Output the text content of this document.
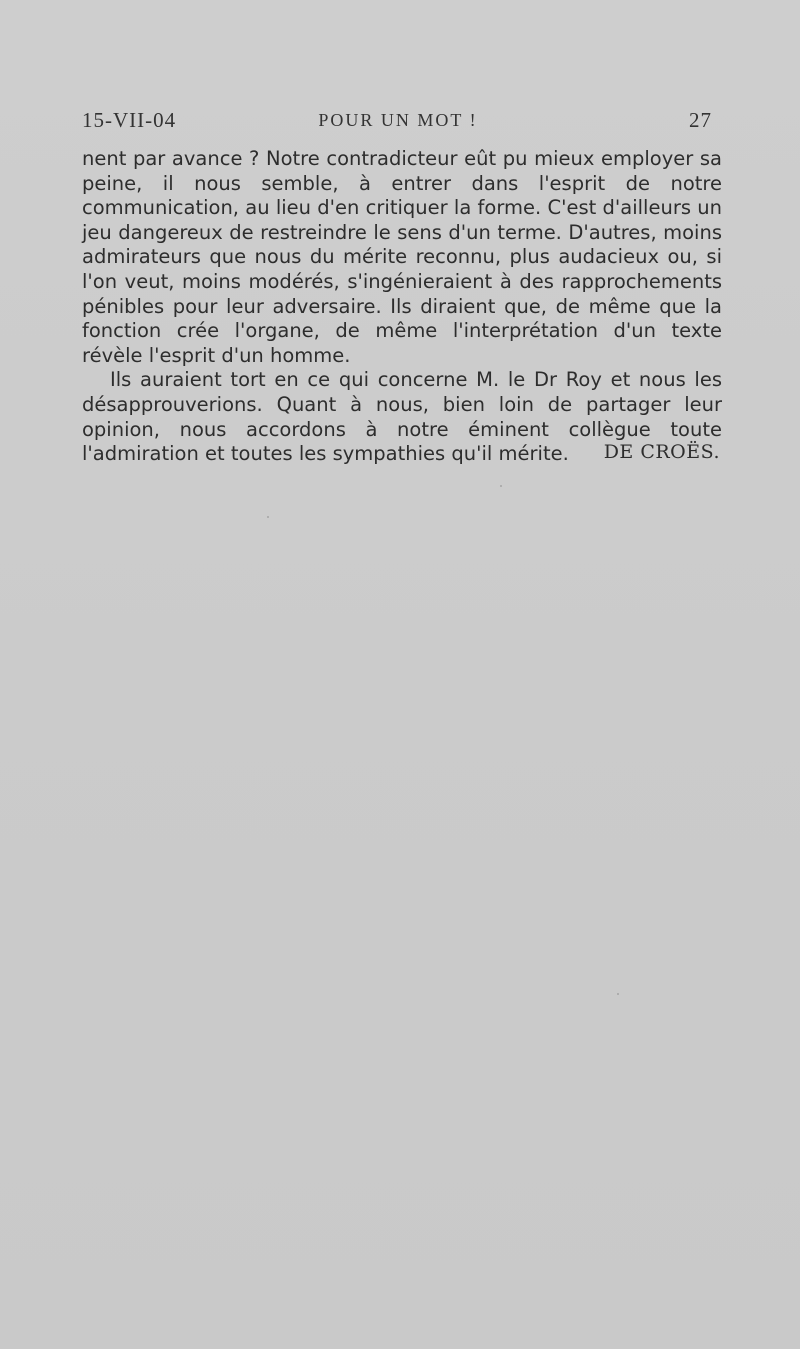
15-VII-04	POUR UN MOT !	27

nent par avance ? Notre contradicteur eût pu mieux employer sa peine, il nous semble, à entrer dans l'esprit de notre communication, au lieu d'en critiquer la forme. C'est d'ailleurs un jeu dangereux de restreindre le sens d'un terme. D'autres, moins admirateurs que nous du mérite reconnu, plus audacieux ou, si l'on veut, moins modérés, s'ingénieraient à des rapprochements pénibles pour leur adversaire. Ils diraient que, de même que la fonction crée l'organe, de même l'interprétation d'un texte révèle l'esprit d'un homme.

Ils auraient tort en ce qui concerne M. le Dr Roy et nous les désapprouverions. Quant à nous, bien loin de partager leur opinion, nous accordons à notre éminent collègue toute l'admiration et toutes les sympathies qu'il mérite.	DE CROËS.
